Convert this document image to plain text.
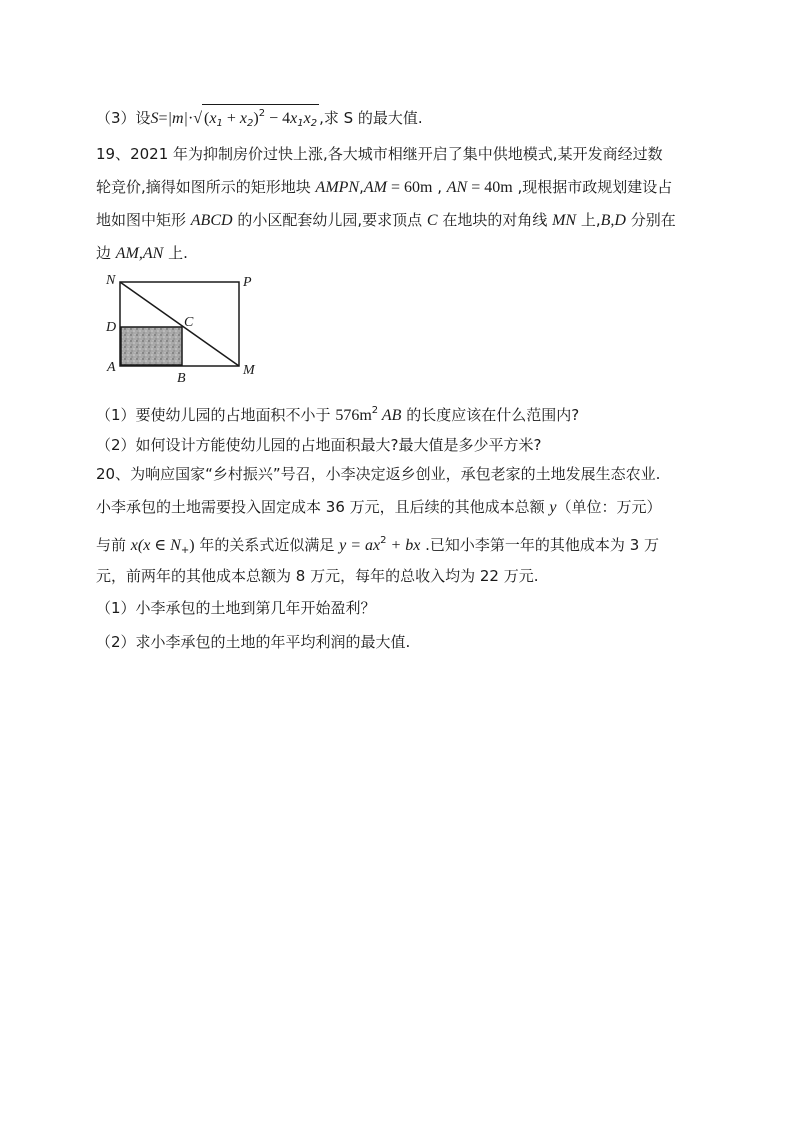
（3）设S=|m|·√ $(x_1 + x_2)^2 - 4x_1x_2$ ,求 S 的最大值.
19、2021 年为抑制房价过快上涨,各大城市相继开启了集中供地模式,某开发商经过数
轮竞价,摘得如图所示的矩形地块 AMPN,AM = 60m , AN = 40m ,现根据市政规划建设占
地如图中矩形 ABCD 的小区配套幼儿园,要求顶点 C 在地块的对角线 MN 上,B,D 分别在
边 AM,AN 上.
N	P
D	C
A
B
M
（1）要使幼儿园的占地面积不小于 $576m^2$ AB 的长度应该在什么范围内?
（2）如何设计方能使幼儿园的占地面积最大?最大值是多少平方米?
20、为响应国家“乡村振兴”号召，小李决定返乡创业，承包老家的土地发展生态农业.
小李承包的土地需要投入固定成本 36 万元，且后续的其他成本总额 y（单位：万元）
与前 x(x ∈ $N_+$) 年的关系式近似满足 $y = ax^2$ + bx .已知小李第一年的其他成本为 3 万
元，前两年的其他成本总额为 8 万元，每年的总收入均为 22 万元.
（1）小李承包的土地到第几年开始盈利？
（2）求小李承包的土地的年平均利润的最大值.
